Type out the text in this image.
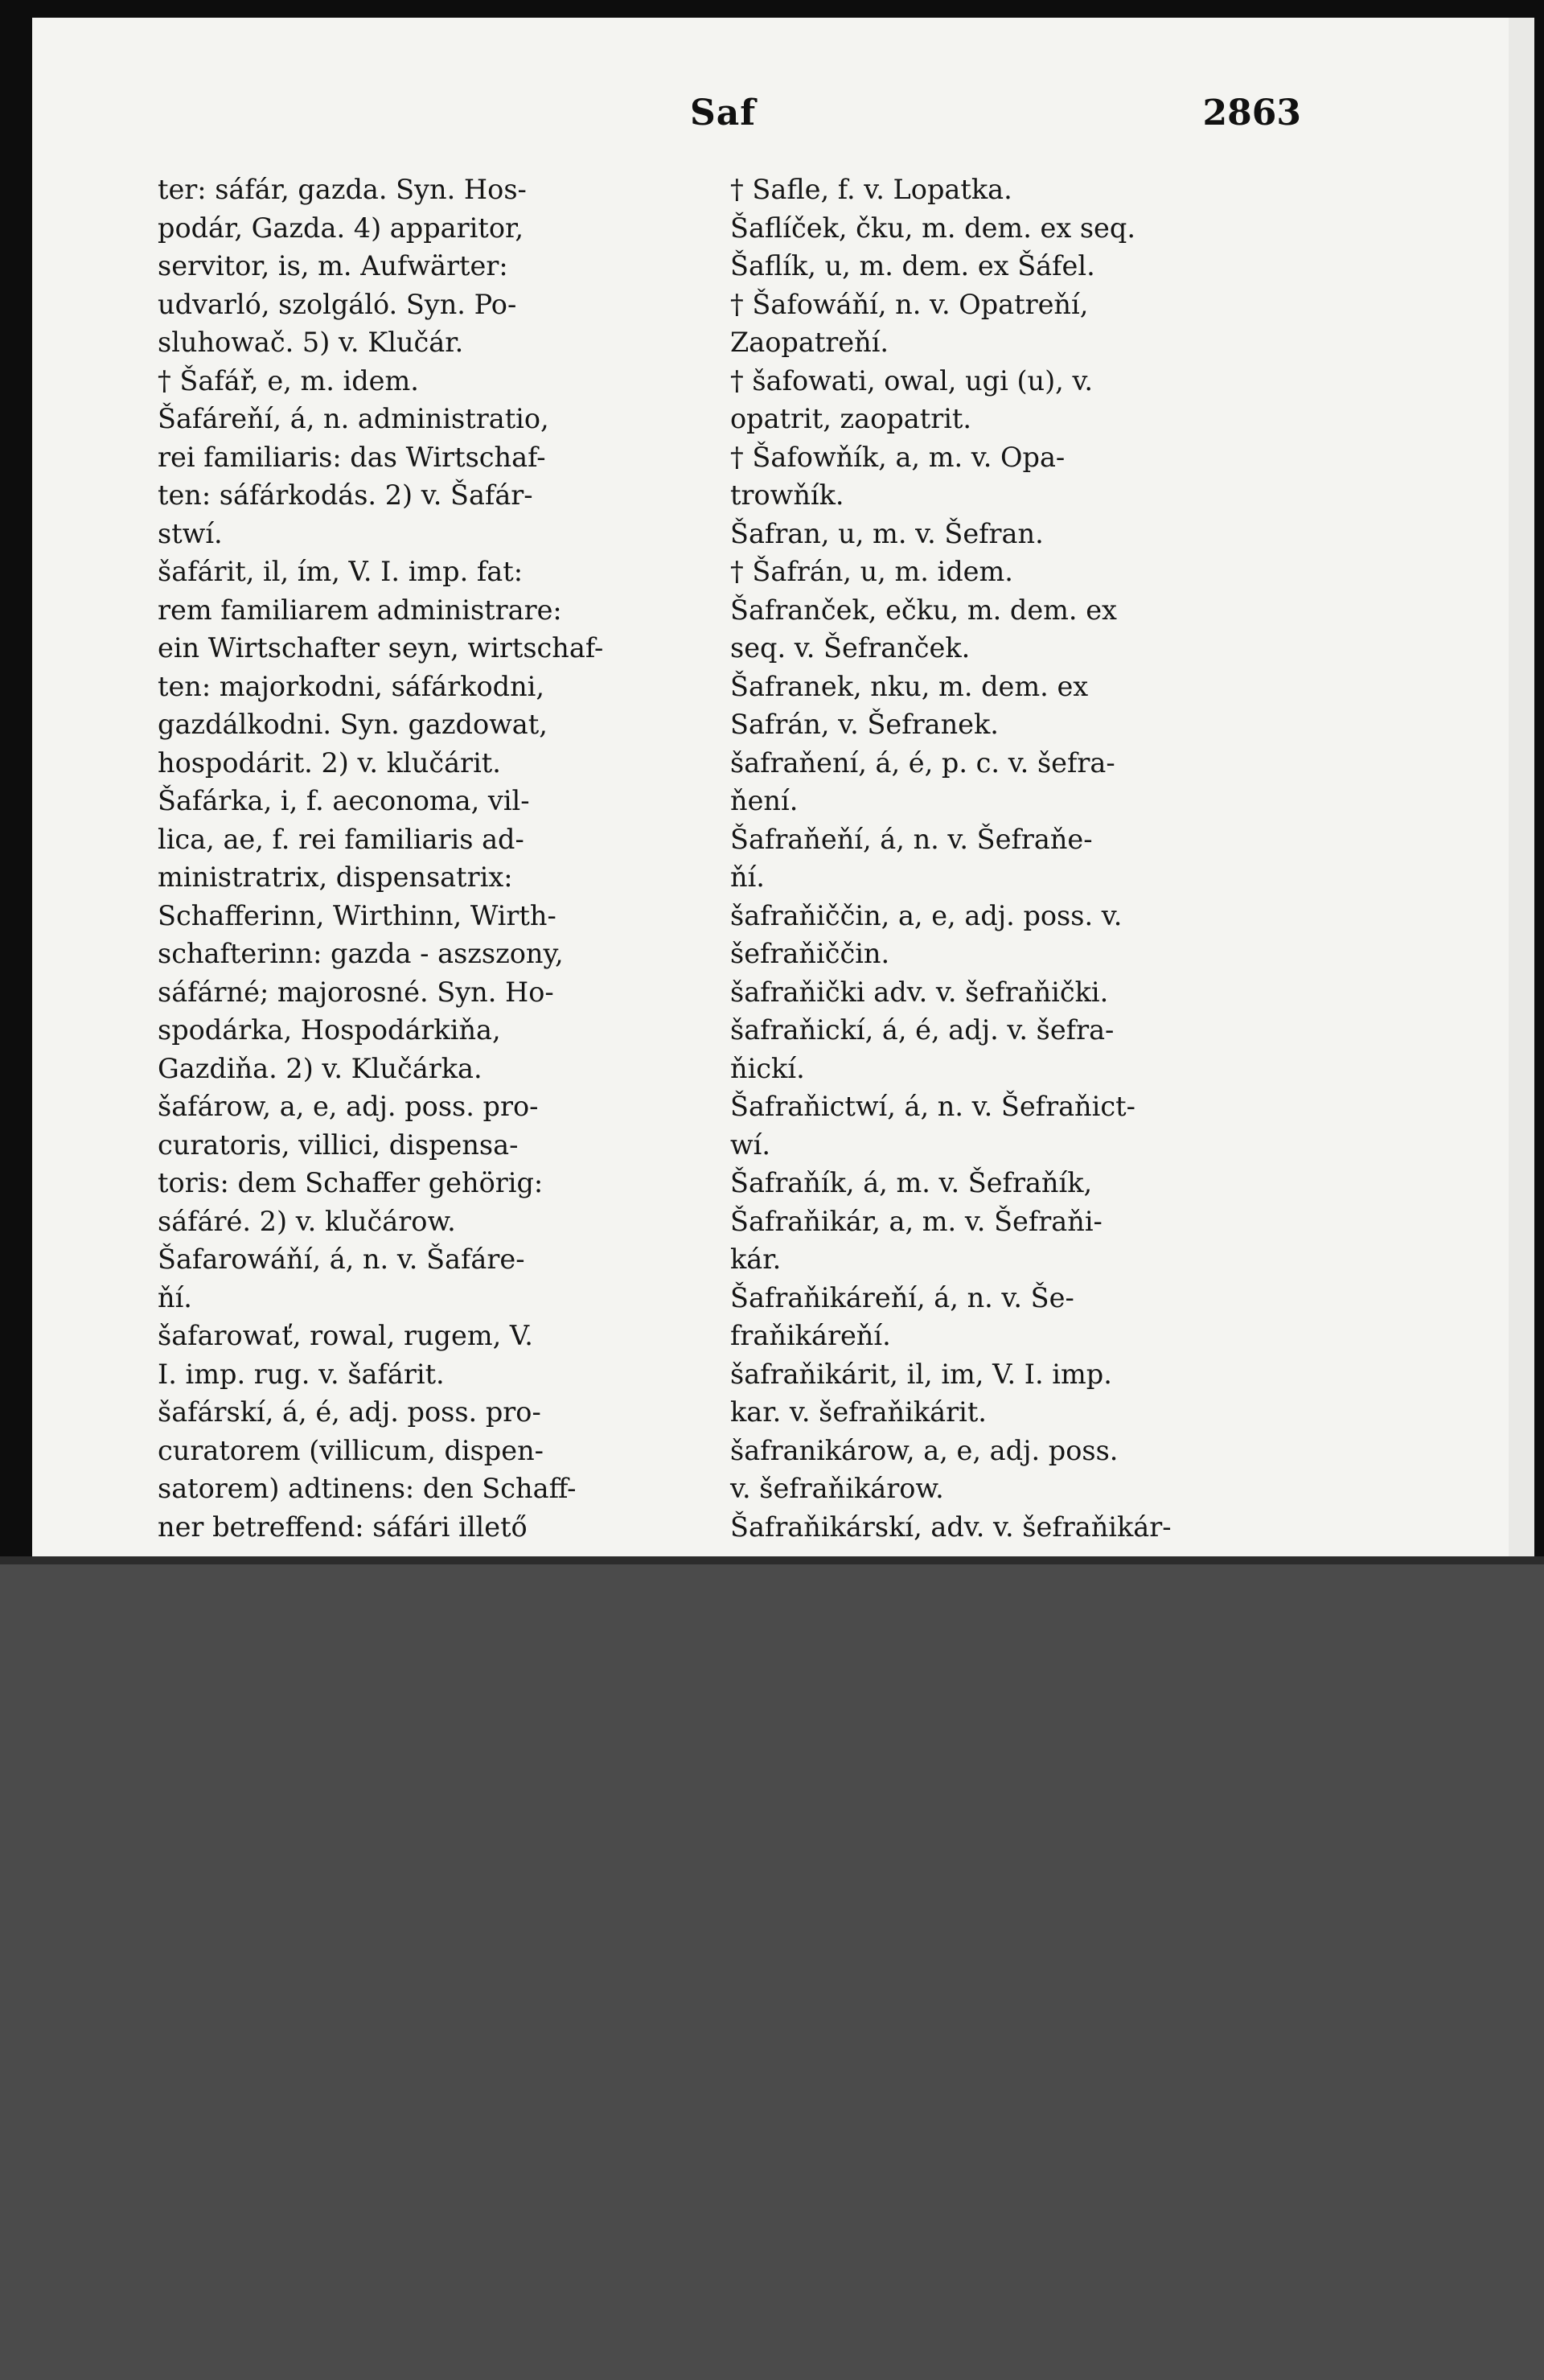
Saf	2863
ter: sáfár, gazda. Syn. Hos-
podár, Gazda. 4) apparitor,
servitor, is, m. Aufwärter:
udvarló, szolgáló. Syn. Po-
sluhowač. 5) v. Klučár.
† Šafář, e, m. idem.
Šafáreňí, á, n. administratio,
rei familiaris: das Wirtschaf-
ten: sáfárkodás. 2) v. Šafár-
stwí.
šafárit, il, ím, V. I. imp. fat:
rem familiarem administrare:
ein Wirtschafter seyn, wirtschaf-
ten: majorkodni, sáfárkodni,
gazdálkodni. Syn. gazdowat,
hospodárit. 2) v. klučárit.
Šafárka, i, f. aeconoma, vil-
lica, ae, f. rei familiaris ad-
ministratrix, dispensatrix:
Schafferinn, Wirthinn, Wirth-
schafterinn: gazda - aszszony,
sáfárné; majorosné. Syn. Ho-
spodárka, Hospodárkiňa,
Gazdiňa. 2) v. Klučárka.
šafárow, a, e, adj. poss. pro-
curatoris, villici, dispensa-
toris: dem Schaffer gehörig:
sáfáré. 2) v. klučárow.
Šafarowáňí, á, n. v. Šafáre-
ňí.
šafarowať, rowal, rugem, V.
I. imp. rug. v. šafárit.
šafárskí, á, é, adj. poss. pro-
curatorem (villicum, dispen-
satorem) adtinens: den Schaff-
ner betreffend: sáfári illető
† Safle, f. v. Lopatka.
Šaflíček, čku, m. dem. ex seq.
Šaflík, u, m. dem. ex Šáfel.
† Šafowáňí, n. v. Opatreňí,
Zaopatreňí.
† šafowati, owal, ugi (u), v.
opatrit, zaopatrit.
† Šafowňík, a, m. v. Opa-
trowňík.
Šafran, u, m. v. Šefran.
† Šafrán, u, m. idem.
Šafranček, ečku, m. dem. ex
seq. v. Šefranček.
Šafranek, nku, m. dem. ex
Safrán, v. Šefranek.
šafraňení, á, é, p. c. v. šefra-
ňení.
Šafraňeňí, á, n. v. Šefraňe-
ňí.
šafraňiččin, a, e, adj. poss. v.
šefraňiččin.
šafraňički adv. v. šefraňički.
šafraňickí, á, é, adj. v. šefra-
ňickí.
Šafraňictwí, á, n. v. Šefraňict-
wí.
Šafraňík, á, m. v. Šefraňík,
Šafraňikár, a, m. v. Šefraňi-
kár.
Šafraňikáreňí, á, n. v. Še-
fraňikáreňí.
šafraňikárit, il, im, V. I. imp.
kar. v. šefraňikárit.
šafranikárow, a, e, adj. poss.
v. šefraňikárow.
Šafraňikárskí, adv. v. šefraňikár-
